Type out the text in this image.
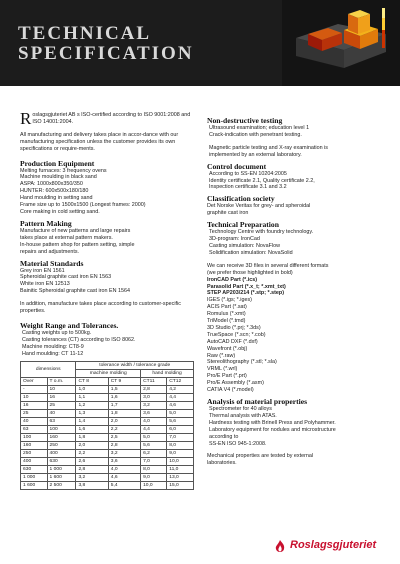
TECHNICAL
SPECIFICATION
R oslagsgjuteriet AB s ISO-certified according to ISO 9001:2008 and ISO 14001:2004.
All manufacturing and delivery takes place in accor-dance with our manufacturing specification unless the customer provides its own specifications or require-ments.
Production Equipment
Melting furnaces: 3 frequency ovens
Machine moulding in black sand
ASPA: 1000x800x350/350
HUNTER: 600x500x180/180
Hand moulding in setting sand
Frame size up to 1500x1500 (Longest frames: 2000)
Core making in cold setting sand.
Pattern Making
Manufacture of new patterns and large repairs
takes place at external pattern makers.
In-house pattern shop for pattern setting, simple
repairs and adjustments.
Material Standards
Grey iron EN 1561
Spheroidal graphite cast iron EN 1563
White iron EN 12513
Bainitic Spheroidal graphite cast iron EN 1564
In addition, manufacture takes place according to customer-specific properties.
Weight Range and Tolerances.
Casting weights up to 500kg.
Casting tolerances (CT) according to ISO 8062.
Machine moulding: CT8-9
Hand moulding: CT 11-12
dimensions		tolerance width / tolerance grade			
		machine molding		hand molding	
Over	T o.m.	CT 8	CT 9	CT11	CT12
-	10	1,0	1,5	2,8	4,2
10	16	1,1	1,6	3,0	4,4
16	25	1,2	1,7	3,2	4,6
25	40	1,3	1,8	3,6	5,0
40	63	1,4	2,0	4,0	5,6
63	100	1,6	2,2	4,4	6,0
100	160	1,8	2,5	5,0	7,0
160	250	2,0	2,8	5,6	8,0
250	400	2,2	3,2	6,2	9,0
400	630	2,6	3,6	7,0	10,0
630	1 000	2,8	4,0	8,0	11,0
1 000	1 600	3,2	4,6	9,0	13,0
1 600	2 500	3,8	5,4	10,0	15,0
Non-destructive testing
Ultrasound examination; education level 1
Crack-indication with penetrant testing.
Magnetic particle testing and X-ray examination is
implemented by an external laboratory.
Control document
According to SS-EN 10204:2005
Identity certificate 2.1, Quality certificate 2.2,
Inspection certificate 3.1 and 3.2
Classification society
Det Norske Veritas for grey- and spheroidal
graphite cast iron
Technical Preparation
Technology Centre with foundry technology.
3D-program: IronCad
Casting simulation: NovaFlow
Solidification simulation: NovaSolid
We can receive 3D files in several different formats
(we prefer those highlighted in bold)
IronCAD Part (*.ics)
Parasolid Part (*.x_t; *.xmt_txt)
STEP AP203/214 (*.stp; *.step)
IGES (*.igs; *.iges)
ACIS Part (*.sat)
Romulus (*.xmt)
TriModel (*.tmd)
3D Studio (*.prj; *.3ds)
TrueSpace (*.scn; *.cob)
AutoCAD DXF (*.dxf)
Wavefront (*.obj)
Raw (*.raw)
Stereolithography (*.stl; *.sla)
VRML (*.wrl)
Pro/E Part (*.prt)
Pro/E Assembly (*.asm)
CATIA V4 (*.model)
Analysis of material properties
Spectrometer for 40 alloys
Thermal analysis with ATAS.
Hardness testing with Brinell Press and Polyhammer.
Laboratory equipment for nodules and microstructure
according to
SS-EN ISO 945-1:2008.
Mechanical properties are tested by external
laboratories.
Roslagsgjuteriet
